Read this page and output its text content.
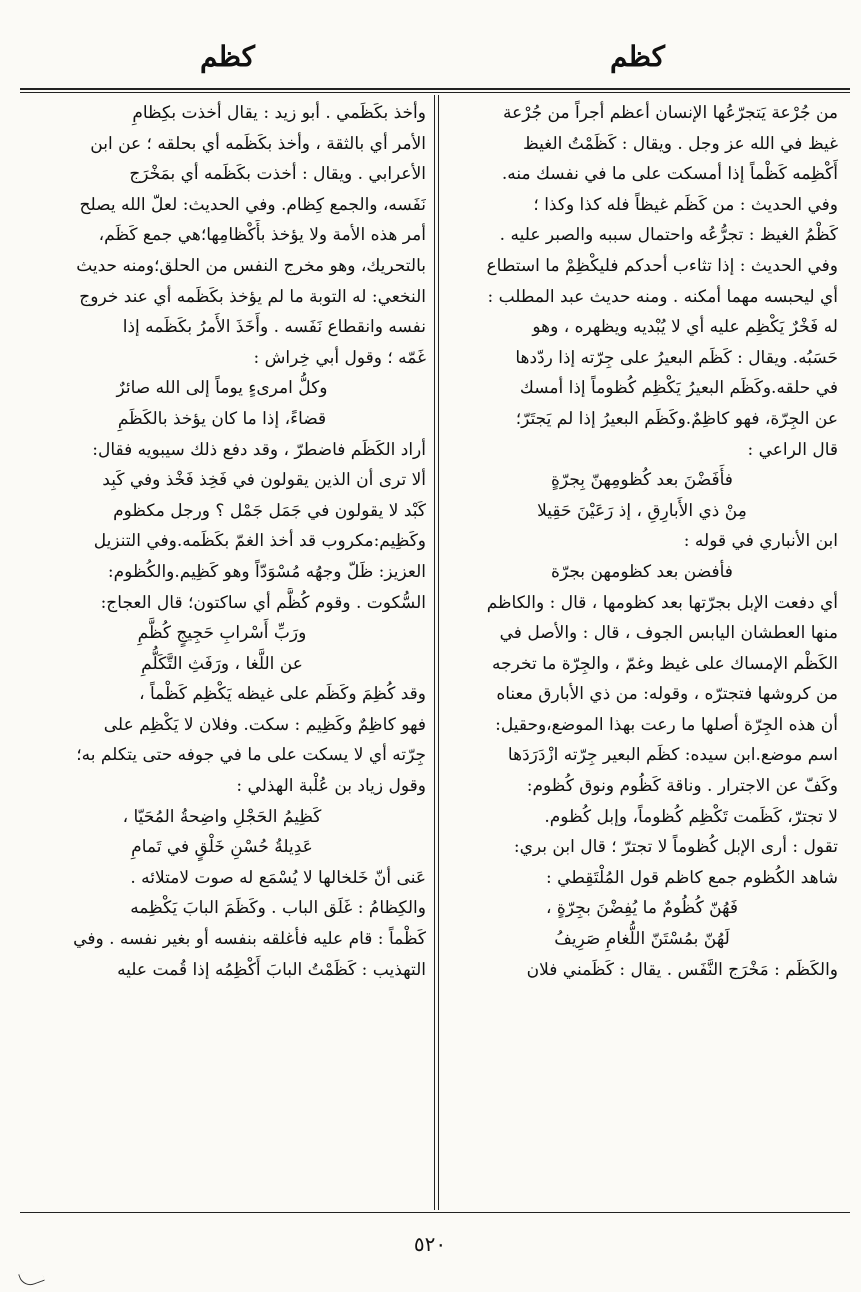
كظم
كظم
من جُرْعة يَتجرّعُها الإنسان أعظم أجراً من جُرْعة
غيظ في الله عز وجل . ويقال : كَظَمْتُ الغيظ
أَكْظِمه كَظْماً إذا أمسكت على ما في نفسك منه.
وفي الحديث : من كَظَم غيظاً فله كذا وكذا ؛
كَظْمُ الغيظ : تجرُّعُه واحتمال سببه والصبر عليه .
وفي الحديث : إذا تثاءب أحدكم فليكْظِمْ ما استطاع
أي ليحبسه مهما أمكنه . ومنه حديث عبد المطلب :
له فَخْرٌ يَكْظِم عليه أي لا يُبْديه ويظهره ، وهو
حَسَبُه. ويقال : كَظَم البعيرُ على جِرّته إذا ردّدها
في حلقه.وكَظَم البعيرُ يَكْظِم كُظوماً إذا أمسك
عن الجِرّة، فهو كاظِمٌ.وكَظَم البعيرُ إذا لم يَجتَرّ؛
قال الراعي :
فأَفَضْنَ بعد كُظومِهنّ بِجرّةٍ
مِنْ ذي الأَبارِقِ ، إذ رَعَيْنَ حَقِيلا
ابن الأنباري في قوله :
فأفضن بعد كظومهن بجرّة
أي دفعت الإبل بجرّتها بعد كظومها ، قال : والكاظم
منها العطشان اليابس الجوف ، قال : والأصل في
الكَظْم الإمساك على غيظ وغمّ ، والجِرّة ما تخرجه
من كروشها فتجترّه ، وقوله: من ذي الأبارق معناه
أن هذه الجِرّة أصلها ما رعت بهذا الموضع،وحقيل:
اسم موضع.ابن سيده: كظَم البعير جِرّته ازْدَرَدَها
وكَفّ عن الاجترار . وناقة كَظُوم ونوق كُظوم:
لا تجترّ، كَظَمت تَكْظِم كُظوماً، وإبل كُظوم.
تقول : أرى الإبل كُظوماً لا تجترّ ؛ قال ابن بري:
شاهد الكُظوم جمع كاظم قول المُلْتَقِطي :
فَهُنّ كُظُومٌ ما يُفِضْنَ بجِرّةٍ ،
لَهُنّ بمُسْتَنّ اللُّغامِ صَرِيفُ
والكَظَم : مَخْرَج النَّفَس . يقال : كَظَمني فلان
وأخذ بكَظَمي . أبو زيد : يقال أخذت بكِظامِ
الأمر أي بالثقة ، وأخذ بكَظَمه أي بحلقه ؛ عن ابن
الأعرابي . ويقال : أخذت بكَظَمه أي بمَخْرَج
نَفَسه، والجمع كِظام. وفي الحديث: لعلّ الله يصلح
أمر هذه الأمة ولا يؤخذ بأَكْظامِها؛هي جمع كَظَم،
بالتحريك، وهو مخرج النفس من الحلق؛ومنه حديث
النخعي: له التوبة ما لم يؤخذ بكَظَمه أي عند خروج
نفسه وانقطاع نَفَسه . وأَخَذَ الأَمرُ بكَظَمه إذا
غَمّه ؛ وقول أبي خِراش :
وكلُّ امرىءٍ يوماً إلى الله صائرٌ
قضاءً، إذا ما كان يؤخذ بالكَظَمِ
أراد الكَظَم فاضطرّ ، وقد دفع ذلك سيبويه فقال:
ألا ترى أن الذين يقولون في فَخِذ فَخْذ وفي كَبِد
كَبْد لا يقولون في جَمَل جَمْل ؟ ورجل مكظوم
وكَظِيم:مكروب قد أخذ الغمّ بكَظَمه.وفي التنزيل
العزيز: ظَلّ وجهُه مُسْوَدّاً وهو كَظِيم.والكُظوم:
السُّكوت . وقوم كُظَّم أي ساكتون؛ قال العجاج:
ورَبِّ أَسْرابِ حَجِيجٍ كُظَّمِ
عن اللَّغا ، ورَفَثِ التَّكَلُّمِ
وقد كُظِمَ وكَظَم على غيظه يَكْظِم كَظْماً ،
فهو كاظِمٌ وكَظِيم : سكت. وفلان لا يَكْظِم على
جِرّته أي لا يسكت على ما في جوفه حتى يتكلم به؛
وقول زياد بن عُلْبة الهذلي :
كَظِيمُ الحَجْلِ واضِحةُ المُحَيّا ،
عَدِيلةُ حُسْنِ خَلْقٍ في تَمامِ
عَنى أنّ خَلخالها لا يُسْمَع له صوت لامتلائه .
والكِظامُ : غَلَق الباب . وكَظَمَ البابَ يَكْظِمه
كَظْماً : قام عليه فأغلقه بنفسه أو بغير نفسه . وفي
التهذيب : كَظَمْتُ البابَ أَكْظِمُه إذا قُمت عليه
٥٢٠
